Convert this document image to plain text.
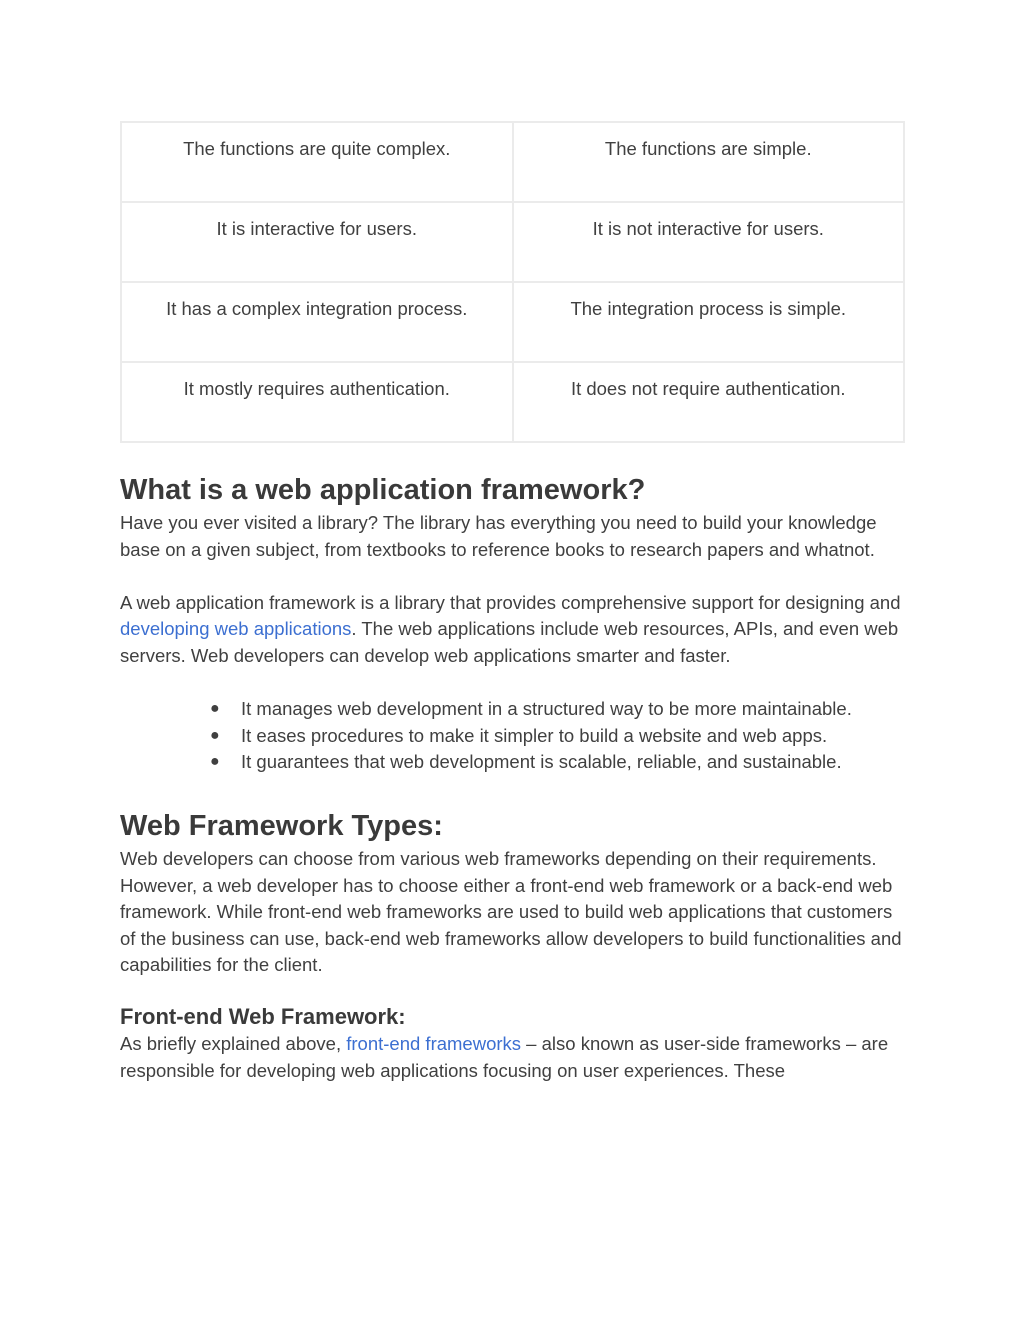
The functions are quite complex.	The functions are simple.
It is interactive for users.	It is not interactive for users.
It has a complex integration process.	The integration process is simple.
It mostly requires authentication.	It does not require authentication.
What is a web application framework?

Have you ever visited a library? The library has everything you need to build your knowledge base on a given subject, from textbooks to reference books to research papers and whatnot.

A web application framework is a library that provides comprehensive support for designing and developing web applications. The web applications include web resources, APIs, and even web servers. Web developers can develop web applications smarter and faster.

● It manages web development in a structured way to be more maintainable.
● It eases procedures to make it simpler to build a website and web apps.
● It guarantees that web development is scalable, reliable, and sustainable.
Web Framework Types:

Web developers can choose from various web frameworks depending on their requirements. However, a web developer has to choose either a front-end web framework or a back-end web framework. While front-end web frameworks are used to build web applications that customers of the business can use, back-end web frameworks allow developers to build functionalities and capabilities for the client.

Front-end Web Framework:

As briefly explained above, front-end frameworks – also known as user-side frameworks – are responsible for developing web applications focusing on user experiences. These
